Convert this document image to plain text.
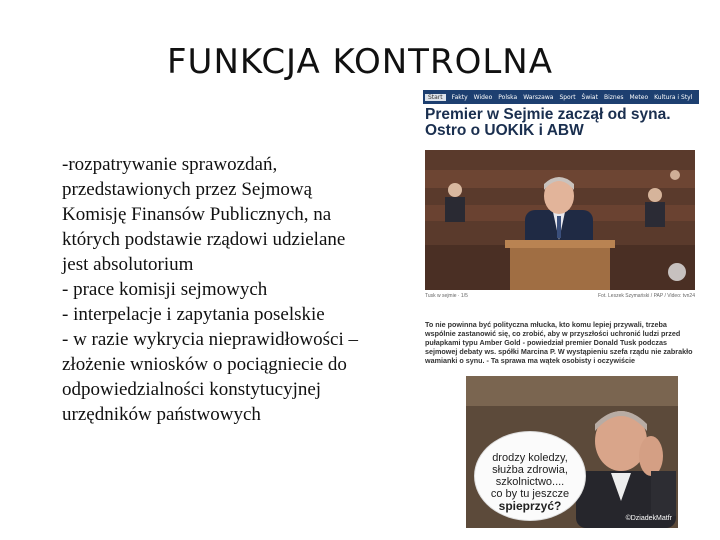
FUNKCJA KONTROLNA
-rozpatrywanie sprawozdań,
przedstawionych przez Sejmową
Komisję Finansów Publicznych, na
których podstawie rządowi udzielane
jest absolutorium
- prace komisji sejmowych
- interpelacje i zapytania poselskie
- w razie wykrycia nieprawidłowości –
złożenie wniosków o pociągniecie do
odpowiedzialności konstytucyjnej
urzędników państwowych
Start	Fakty Wideo Polska Warszawa Sport Świat Biznes Meteo Kultura i Styl
Premier w Sejmie zaczął od syna.
Ostro o UOKIK i ABW
Tusk w sejmie · 1/5	Fot. Leszek Szymański / PAP / Video: tvn24
To nie powinna być polityczna młucka, kto komu lepiej przywali, trzeba wspólnie zastanowić się, co zrobić, aby w przyszłości uchronić ludzi przed pułapkami typu Amber Gold - powiedział premier Donald Tusk podczas sejmowej debaty ws. spółki Marcina P. W wystąpieniu szefa rządu nie zabrakło wamianki o synu. - Ta sprawa ma wątek osobisty i oczywiście
drodzy koledzy,
służba zdrowia,
szkolnictwo....
co by tu jeszcze
spieprzyć?
©DziadekMatfr
